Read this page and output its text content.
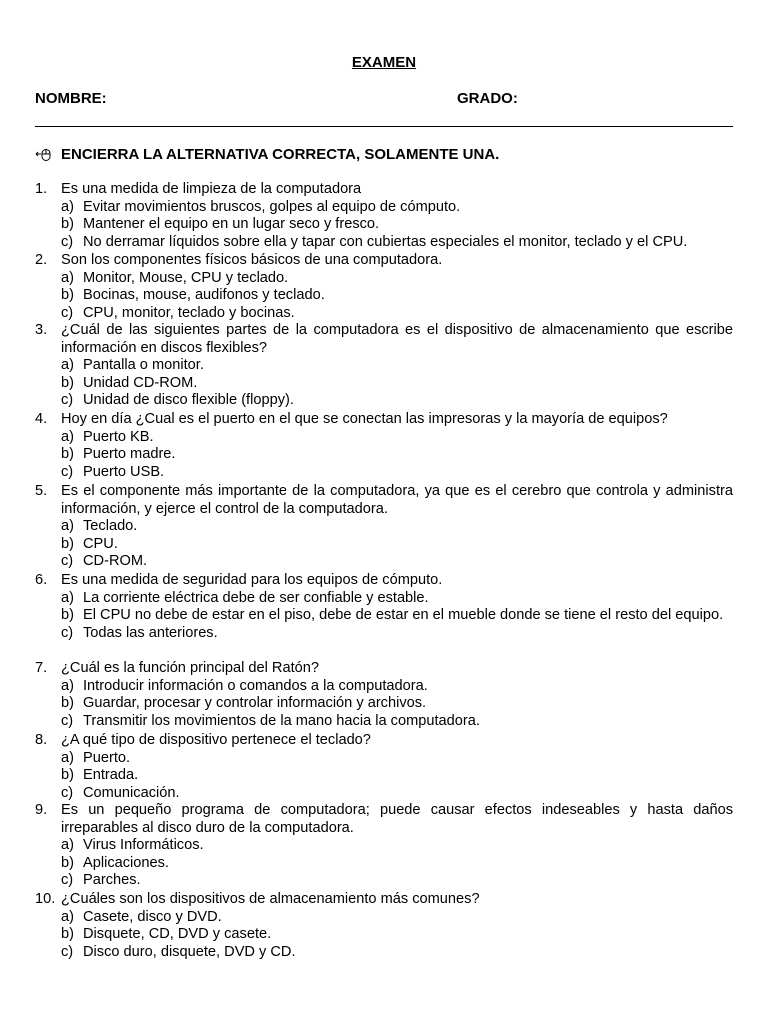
EXAMEN
NOMBRE:	GRADO:
ENCIERRA LA ALTERNATIVA CORRECTA, SOLAMENTE UNA.
1. Es una medida de limpieza de la computadora
a) Evitar movimientos bruscos, golpes al equipo de cómputo.
b) Mantener el equipo en un lugar seco y fresco.
c) No derramar líquidos sobre ella y tapar con cubiertas especiales el monitor, teclado y el CPU.
2. Son los componentes físicos básicos de una computadora.
a) Monitor, Mouse, CPU y teclado.
b) Bocinas, mouse, audifonos y teclado.
c) CPU, monitor, teclado y bocinas.
3. ¿Cuál de las siguientes partes de la computadora es el dispositivo de almacenamiento que escribe información en discos flexibles?
a) Pantalla o monitor.
b) Unidad CD-ROM.
c) Unidad de disco flexible (floppy).
4. Hoy en día ¿Cual es el puerto en el que se conectan las impresoras y la mayoría de equipos?
a) Puerto KB.
b) Puerto madre.
c) Puerto USB.
5. Es el componente más importante de la computadora, ya que es el cerebro que controla y administra información, y ejerce el control de la computadora.
a) Teclado.
b) CPU.
c) CD-ROM.
6. Es una medida de seguridad para los equipos de cómputo.
a) La corriente eléctrica debe de ser confiable y estable.
b) El CPU no debe de estar en el piso, debe de estar en el mueble donde se tiene el resto del equipo.
c) Todas las anteriores.
7. ¿Cuál es la función principal del Ratón?
a) Introducir información o comandos a la computadora.
b) Guardar, procesar y controlar información y archivos.
c) Transmitir los movimientos de la mano hacia la computadora.
8. ¿A qué tipo de dispositivo pertenece el teclado?
a) Puerto.
b) Entrada.
c) Comunicación.
9. Es un pequeño programa de computadora; puede causar efectos indeseables y hasta daños irreparables al disco duro de la computadora.
a) Virus Informáticos.
b) Aplicaciones.
c) Parches.
10. ¿Cuáles son los dispositivos de almacenamiento más comunes?
a) Casete, disco y DVD.
b) Disquete, CD, DVD y casete.
c) Disco duro, disquete, DVD y CD.
